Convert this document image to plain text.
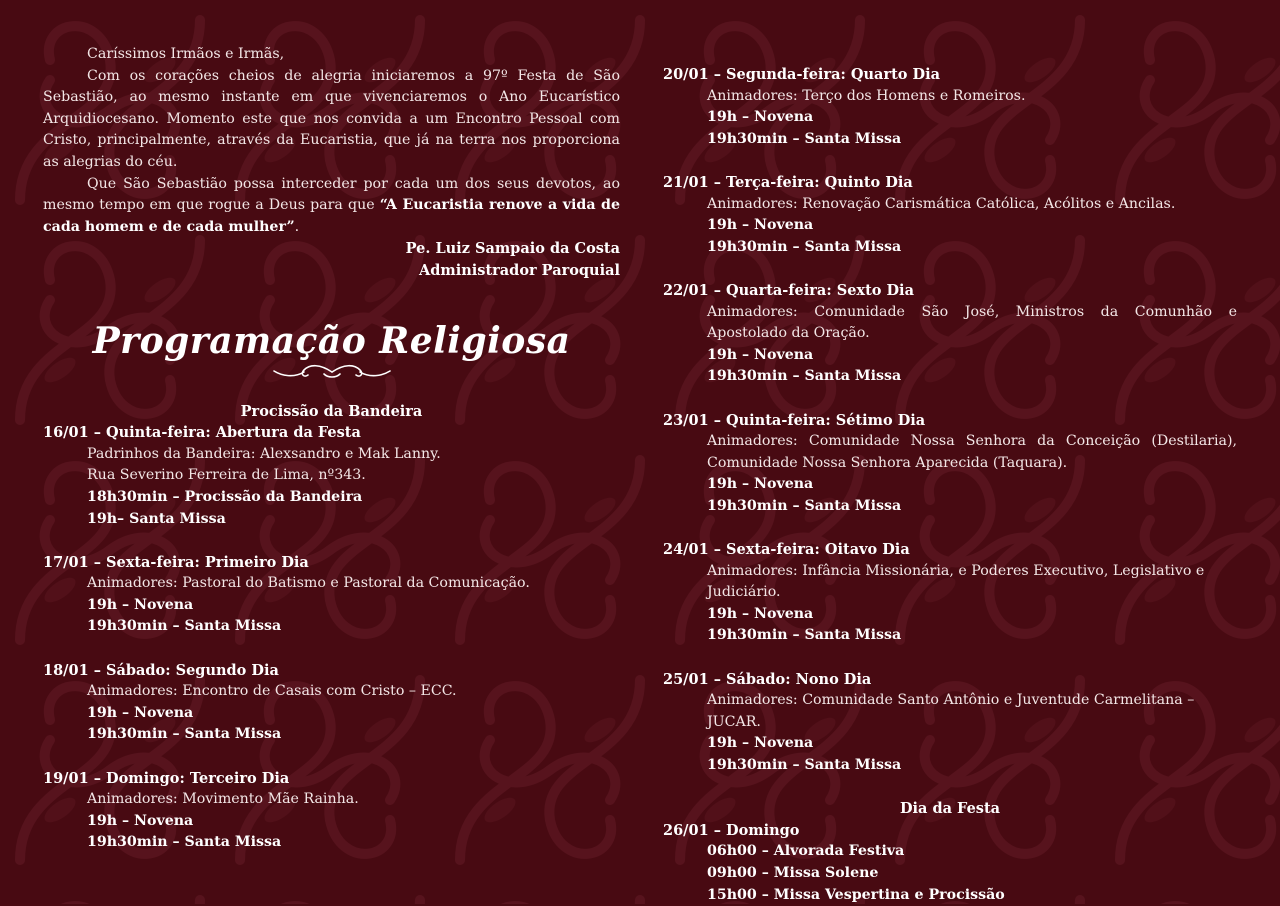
Caríssimos Irmãos e Irmãs,

Com os corações cheios de alegria iniciaremos a 97º Festa de São Sebastião, ao mesmo instante em que vivenciaremos o Ano Eucarístico Arquidiocesano. Momento este que nos convida a um Encontro Pessoal com Cristo, principalmente, através da Eucaristia, que já na terra nos proporciona as alegrias do céu.

Que São Sebastião possa interceder por cada um dos seus devotos, ao mesmo tempo em que rogue a Deus para que “A Eucaristia renove a vida de cada homem e de cada mulher”.

Pe. Luiz Sampaio da Costa
Administrador Paroquial
Programação Religiosa
Procissão da Bandeira
16/01 – Quinta-feira: Abertura da Festa
Padrinhos da Bandeira: Alexsandro e Mak Lanny.
Rua Severino Ferreira de Lima, nº343.
18h30min – Procissão da Bandeira
19h– Santa Missa
17/01 – Sexta-feira: Primeiro Dia
Animadores: Pastoral do Batismo e Pastoral da Comunicação.
19h – Novena
19h30min – Santa Missa
18/01 – Sábado: Segundo Dia
Animadores: Encontro de Casais com Cristo – ECC.
19h – Novena
19h30min – Santa Missa
19/01 – Domingo: Terceiro Dia
Animadores: Movimento Mãe Rainha.
19h – Novena
19h30min – Santa Missa
20/01 – Segunda-feira: Quarto Dia
Animadores: Terço dos Homens e Romeiros.
19h – Novena
19h30min – Santa Missa
21/01 – Terça-feira: Quinto Dia
Animadores: Renovação Carismática Católica, Acólitos e Ancilas.
19h – Novena
19h30min – Santa Missa
22/01 – Quarta-feira: Sexto Dia
Animadores: Comunidade São José, Ministros da Comunhão e Apostolado da Oração.
19h – Novena
19h30min – Santa Missa
23/01 – Quinta-feira: Sétimo Dia
Animadores: Comunidade Nossa Senhora da Conceição (Destilaria), Comunidade Nossa Senhora Aparecida (Taquara).
19h – Novena
19h30min – Santa Missa
24/01 – Sexta-feira: Oitavo Dia
Animadores: Infância Missionária, e Poderes Executivo, Legislativo e Judiciário.
19h – Novena
19h30min – Santa Missa
25/01 – Sábado: Nono Dia
Animadores: Comunidade Santo Antônio e Juventude Carmelitana – JUCAR.
19h – Novena
19h30min – Santa Missa
Dia da Festa
26/01 – Domingo
06h00 – Alvorada Festiva
09h00 – Missa Solene
15h00 – Missa Vespertina e Procissão
